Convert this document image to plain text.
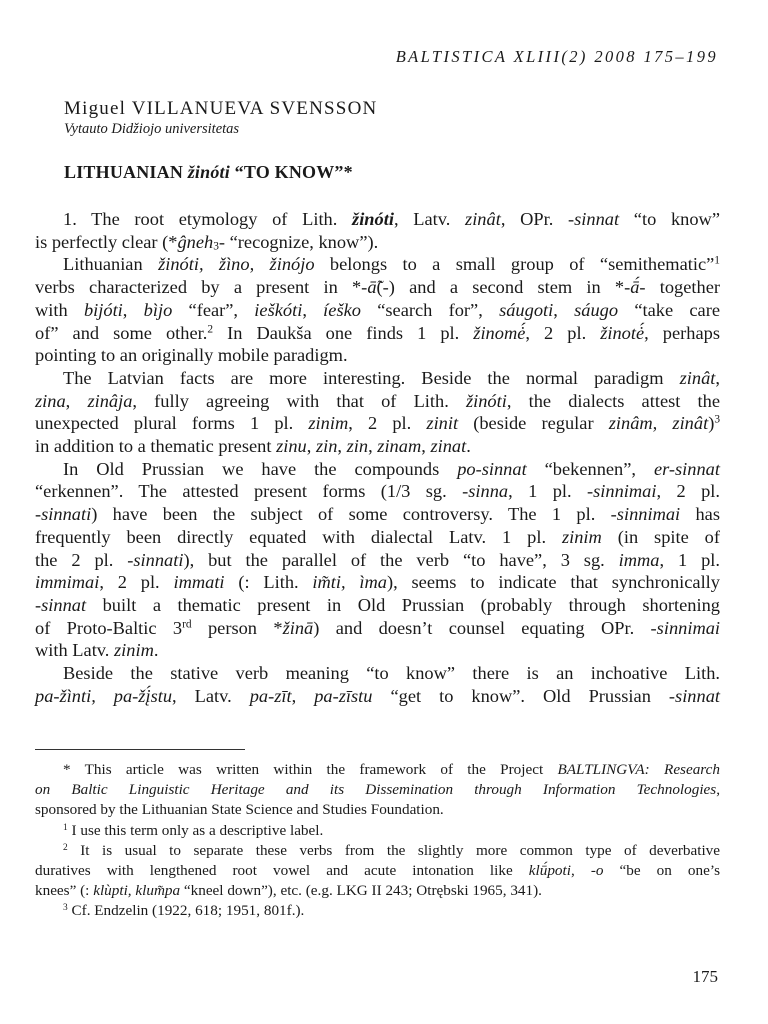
BALTISTICA XLIII(2) 2008 175–199
Miguel VILLANUEVA SVENSSON
Vytauto Didžiojo universitetas
LITHUANIAN žinóti “TO KNOW”*
1. The root etymology of Lith. žinóti, Latv. zinât, OPr. -sinnat “to know”
is perfectly clear (*ĝneh$_3$- “recognize, know”).
Lithuanian žinóti, žìno, žinójo belongs to a small group of “semithematic”$^1$
verbs characterized by a present in *-ā̃(-) and a second stem in *-ā́- together
with bijóti, bìjo “fear”, ieškóti, íeško “search for”, sáugoti, sáugo “take care
of” and some other.$^2$ In Daukša one finds 1 pl. žinomė́, 2 pl. žinotė́, perhaps
pointing to an originally mobile paradigm.
The Latvian facts are more interesting. Beside the normal paradigm zinât,
zina, zinâja, fully agreeing with that of Lith. žinóti, the dialects attest the
unexpected plural forms 1 pl. zinim, 2 pl. zinit (beside regular zinâm, zinât)$^3$
in addition to a thematic present zinu, zin, zin, zinam, zinat.
In Old Prussian we have the compounds po-sinnat “bekennen”, er-sinnat
“erkennen”. The attested present forms (1/3 sg. -sinna, 1 pl. -sinnimai, 2 pl.
-sinnati) have been the subject of some controversy. The 1 pl. -sinnimai has
frequently been directly equated with dialectal Latv. 1 pl. zinim (in spite of
the 2 pl. -sinnati), but the parallel of the verb “to have”, 3 sg. imma, 1 pl.
immimai, 2 pl. immati (: Lith. im̃ti, ìma), seems to indicate that synchronically
-sinnat built a thematic present in Old Prussian (probably through shortening
of Proto-Baltic 3rd person *žinā) and doesn’t counsel equating OPr. -sinnimai
with Latv. zinim.
Beside the stative verb meaning “to know” there is an inchoative Lith.
pa-žìnti, pa-žį́stu, Latv. pa-zīt, pa-zīstu “get to know”. Old Prussian -sinnat
* This article was written within the framework of the Project BALTLINGVA: Research
on Baltic Linguistic Heritage and its Dissemination through Information Technologies,
sponsored by the Lithuanian State Science and Studies Foundation.
$^1$ I use this term only as a descriptive label.
$^2$ It is usual to separate these verbs from the slightly more common type of deverbative
duratives with lengthened root vowel and acute intonation like klū́poti, -o “be on one’s
knees” (: klùpti, klum̃pa “kneel down”), etc. (e.g. LKG II 243; Otrębski 1965, 341).
$^3$ Cf. Endzelin (1922, 618; 1951, 801f.).
175
